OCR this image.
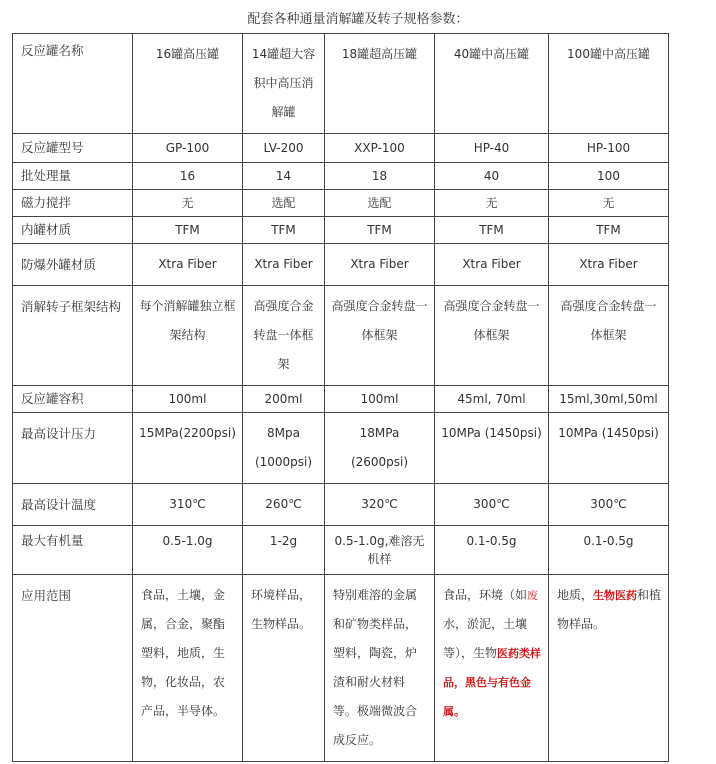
配套各种通量消解罐及转子规格参数：
反应罐名称	16罐高压罐	14罐超大容积中高压消解罐	18罐超高压罐	40罐中高压罐	100罐中高压罐
反应罐型号	GP-100	LV-200	XXP-100	HP-40	HP-100
批处理量	16	14	18	40	100
磁力搅拌	无	选配	选配	无	无
内罐材质	TFM	TFM	TFM	TFM	TFM
防爆外罐材质	Xtra Fiber	Xtra Fiber	Xtra Fiber	Xtra Fiber	Xtra Fiber
消解转子框架结构	每个消解罐独立框架结构	高强度合金转盘一体框架	高强度合金转盘一体框架	高强度合金转盘一体框架	高强度合金转盘一体框架
反应罐容积	100ml	200ml	100ml	45ml, 70ml	15ml,30ml,50ml
最高设计压力	15MPa(2200psi)	8Mpa (1000psi)	18MPa (2600psi)	10MPa (1450psi)	10MPa (1450psi)
最高设计温度	310℃	260℃	320℃	300℃	300℃
最大有机量	0.5-1.0g	1-2g	0.5-1.0g,难溶无机样	0.1-0.5g	0.1-0.5g
应用范围	食品，土壤，金属，合金，聚酯塑料，地质，生物，化妆品，农产品，半导体。	环境样品，生物样品。	特别难溶的金属和矿物类样品，塑料，陶瓷，炉渣和耐火材料等。极端微波合成反应。	食品，环境（如废水，淤泥，土壤等），生物医药类样品，黑色与有色金属。	地质，生物医药和植物样品。
